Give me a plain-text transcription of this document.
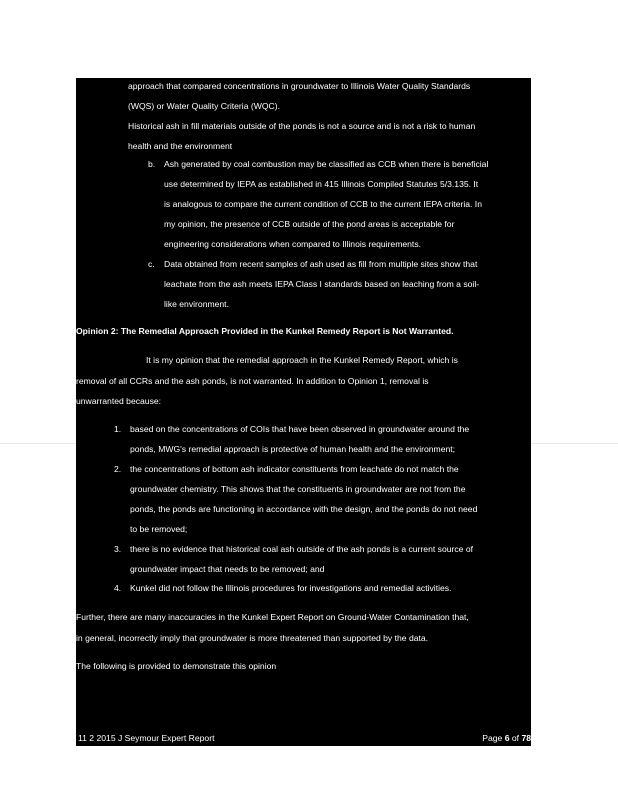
approach that compared concentrations in groundwater to Illinois Water Quality Standards
(WQS) or Water Quality Criteria (WQC).
Historical ash in fill materials outside of the ponds is not a source and is not a risk to human
health and the environment
b. Ash generated by coal combustion may be classified as CCB when there is beneficial
use determined by IEPA as established in 415 Illinois Compiled Statutes 5/3.135. It
is analogous to compare the current condition of CCB to the current IEPA criteria. In
my opinion, the presence of CCB outside of the pond areas is acceptable for
engineering considerations when compared to Illinois requirements.
c. Data obtained from recent samples of ash used as fill from multiple sites show that
leachate from the ash meets IEPA Class I standards based on leaching from a soil-
like environment.
Opinion 2: The Remedial Approach Provided in the Kunkel Remedy Report is Not Warranted.
It is my opinion that the remedial approach in the Kunkel Remedy Report, which is
removal of all CCRs and the ash ponds, is not warranted. In addition to Opinion 1, removal is
unwarranted because:
1. based on the concentrations of COIs that have been observed in groundwater around the
ponds, MWG's remedial approach is protective of human health and the environment;
2. the concentrations of bottom ash indicator constituents from leachate do not match the
groundwater chemistry. This shows that the constituents in groundwater are not from the
ponds, the ponds are functioning in accordance with the design, and the ponds do not need
to be removed;
3. there is no evidence that historical coal ash outside of the ash ponds is a current source of
groundwater impact that needs to be removed; and
4. Kunkel did not follow the Illinois procedures for investigations and remedial activities.
Further, there are many inaccuracies in the Kunkel Expert Report on Ground-Water Contamination that,
in general, incorrectly imply that groundwater is more threatened than supported by the data.
The following is provided to demonstrate this opinion
11 2 2015 J Seymour Expert Report	Page 6 of 78
